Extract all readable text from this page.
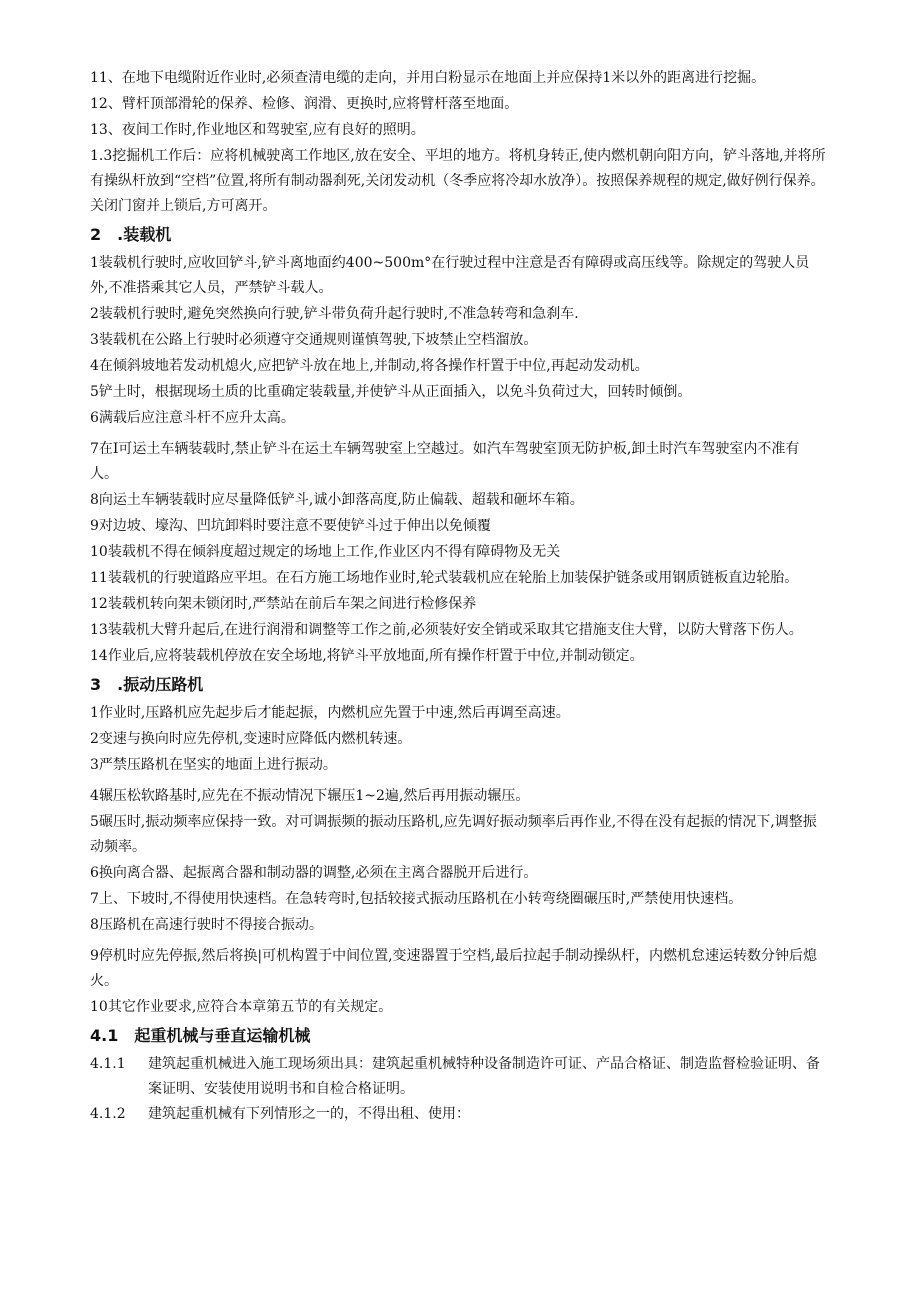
11、在地下电缆附近作业时,必须查清电缆的走向，并用白粉显示在地面上并应保持1米以外的距离进行挖掘。

12、臂杆顶部滑轮的保养、检修、润滑、更换时,应将臂杆落至地面。

13、夜间工作时,作业地区和驾驶室,应有良好的照明。

1.3挖掘机工作后：应将机械驶离工作地区,放在安全、平坦的地方。将机身转正,使内燃机朝向阳方向，铲斗落地,并将所有操纵杆放到“空档”位置,将所有制动器刹死,关闭发动机（冬季应将冷却水放净）。按照保养规程的规定,做好例行保养。关闭门窗并上锁后,方可离开。

2　.装载机

1装载机行驶时,应收回铲斗,铲斗离地面约400~500m°在行驶过程中注意是否有障碍或高压线等。除规定的驾驶人员外,不准搭乘其它人员，严禁铲斗载人。

2装载机行驶时,避免突然换向行驶,铲斗带负荷升起行驶时,不准急转弯和急刹车.

3装载机在公路上行驶时必须遵守交通规则谨慎驾驶,下坡禁止空档溜放。

4在倾斜坡地若发动机熄火,应把铲斗放在地上,并制动,将各操作杆置于中位,再起动发动机。

5铲土时，根据现场土质的比重确定装载量,并使铲斗从正面插入，以免斗负荷过大，回转时倾倒。

6满载后应注意斗杆不应升太高。

7在I可运土车辆装载时,禁止铲斗在运土车辆驾驶室上空越过。如汽车驾驶室顶无防护板,卸土时汽车驾驶室内不准有人。

8向运土车辆装载时应尽量降低铲斗,诚小卸落高度,防止偏载、超载和砸坏车箱。

9对边坡、壕沟、凹坑卸料时要注意不要使铲斗过于伸出以免倾覆

10装载机不得在倾斜度超过规定的场地上工作,作业区内不得有障碍物及无关

11装载机的行驶道路应平坦。在石方施工场地作业时,轮式装载机应在轮胎上加装保护链条或用钢质链板直边轮胎。

12装载机转向架未锁闭时,严禁站在前后车架之间进行检修保养

13装载机大臂升起后,在进行润滑和调整等工作之前,必须装好安全销或采取其它措施支住大臂，以防大臂落下伤人。

14作业后,应将装载机停放在安全场地,将铲斗平放地面,所有操作杆置于中位,并制动锁定。

3　.振动压路机

1作业时,压路机应先起步后才能起振，内燃机应先置于中速,然后再调至高速。

2变速与换向时应先停机,变速时应降低内燃机转速。

3严禁压路机在坚实的地面上进行振动。

4辗压松软路基时,应先在不振动情况下辗压1~2遍,然后再用振动辗压。

5碾压时,振动频率应保持一致。对可调振频的振动压路机,应先调好振动频率后再作业,不得在没有起振的情况下,调整振动频率。

6换向离合器、起振离合器和制动器的调整,必须在主离合器脱开后进行。

7上、下坡时,不得使用快速档。在急转弯时,包括较接式振动压路机在小转弯绕圈碾压时,严禁使用快速档。

8压路机在高速行驶时不得接合振动。

9停机时应先停振,然后将换|可机构置于中间位置,变速器置于空档,最后拉起手制动操纵杆，内燃机怠速运转数分钟后熄火。

10其它作业要求,应符合本章第五节的有关规定。

4.1　起重机械与垂直运输机械
4.1.1	建筑起重机械进入施工现场须出具：建筑起重机械特种设备制造许可证、产品合格证、制造监督检验证明、备案证明、安装使用说明书和自检合格证明。
4.1.2	建筑起重机械有下列情形之一的，不得出租、使用：
